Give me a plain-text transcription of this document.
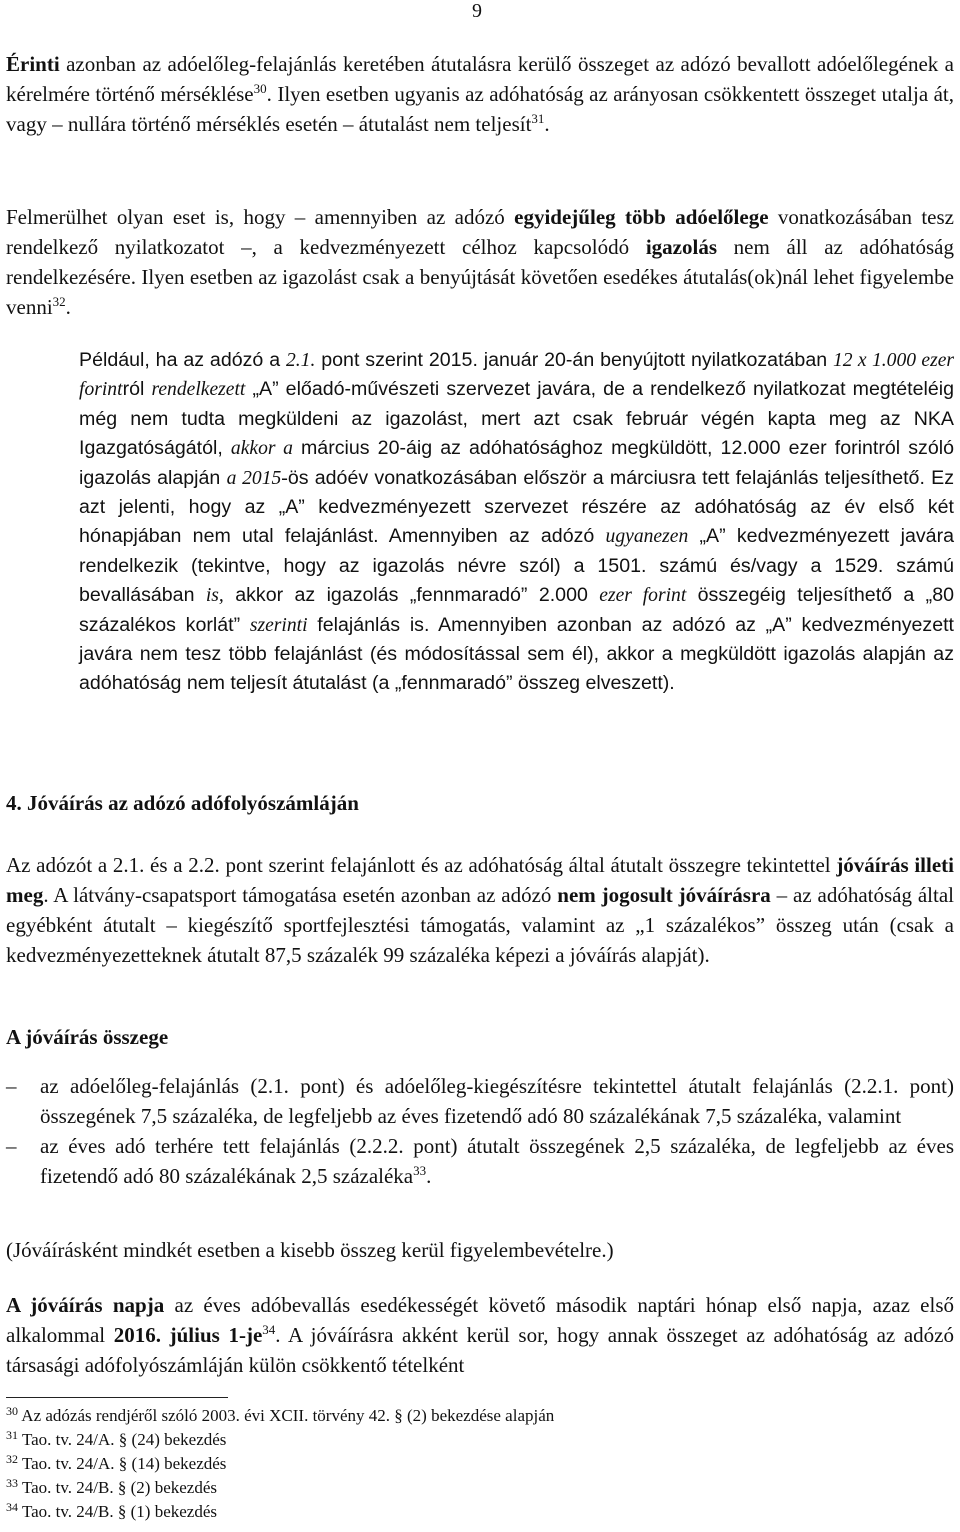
9

Érinti azonban az adóelőleg-felajánlás keretében átutalásra kerülő összeget az adózó bevallott adóelőlegének a kérelmére történő mérséklése$^{30}$. Ilyen esetben ugyanis az adóhatóság az arányosan csökkentett összeget utalja át, vagy – nullára történő mérséklés esetén – átutalást nem teljesít$^{31}$.

Felmerülhet olyan eset is, hogy – amennyiben az adózó egyidejűleg több adóelőlege vonatkozásában tesz rendelkező nyilatkozatot –, a kedvezményezett célhoz kapcsolódó igazolás nem áll az adóhatóság rendelkezésére. Ilyen esetben az igazolást csak a benyújtását követően esedékes átutalás(ok)nál lehet figyelembe venni$^{32}$.

Például, ha az adózó a 2.1. pont szerint 2015. január 20-án benyújtott nyilatkozatában 12 x 1.000 ezer forintról rendelkezett „A” előadó-művészeti szervezet javára, de a rendelkező nyilatkozat megtételéig még nem tudta megküldeni az igazolást, mert azt csak február végén kapta meg az NKA Igazgatóságától, akkor a március 20-áig az adóhatósághoz megküldött, 12.000 ezer forintról szóló igazolás alapján a 2015-ös adóév vonatkozásában először a márciusra tett felajánlás teljesíthető. Ez azt jelenti, hogy az „A” kedvezményezett szervezet részére az adóhatóság az év első két hónapjában nem utal felajánlást. Amennyiben az adózó ugyanezen „A” kedvezményezett javára rendelkezik (tekintve, hogy az igazolás névre szól) a 1501. számú és/vagy a 1529. számú bevallásában is, akkor az igazolás „fennmaradó” 2.000 ezer forint összegéig teljesíthető a „80 százalékos korlát” szerinti felajánlás is. Amennyiben azonban az adózó az „A” kedvezményezett javára nem tesz több felajánlást (és módosítással sem él), akkor a megküldött igazolás alapján az adóhatóság nem teljesít átutalást (a „fennmaradó” összeg elveszett).

4. Jóváírás az adózó adófolyószámláján

Az adózót a 2.1. és a 2.2. pont szerint felajánlott és az adóhatóság által átutalt összegre tekintettel jóváírás illeti meg. A látvány-csapatsport támogatása esetén azonban az adózó nem jogosult jóváírásra – az adóhatóság által egyébként átutalt – kiegészítő sportfejlesztési támogatás, valamint az „1 százalékos” összeg után (csak a kedvezményezetteknek átutalt 87,5 százalék 99 százaléka képezi a jóváírás alapját).

A jóváírás összege
– az adóelőleg-felajánlás (2.1. pont) és adóelőleg-kiegészítésre tekintettel átutalt felajánlás (2.2.1. pont) összegének 7,5 százaléka, de legfeljebb az éves fizetendő adó 80 százalékának 7,5 százaléka, valamint
– az éves adó terhére tett felajánlás (2.2.2. pont) átutalt összegének 2,5 százaléka, de legfeljebb az éves fizetendő adó 80 százalékának 2,5 százaléka$^{33}$.

(Jóváírásként mindkét esetben a kisebb összeg kerül figyelembevételre.)

A jóváírás napja az éves adóbevallás esedékességét követő második naptári hónap első napja, azaz első alkalommal 2016. július $1-je^{34}$. A jóváírásra akként kerül sor, hogy annak összeget az adóhatóság az adózó társasági adófolyószámláján külön csökkentő tételként

$^{30}$ Az adózás rendjéről szóló 2003. évi XCII. törvény 42. § (2) bekezdése alapján
$^{31}$ Tao. tv. 24/A. § (24) bekezdés
$^{32}$ Tao. tv. 24/A. § (14) bekezdés
$^{33}$ Tao. tv. 24/B. § (2) bekezdés
$^{34}$ Tao. tv. 24/B. § (1) bekezdés
